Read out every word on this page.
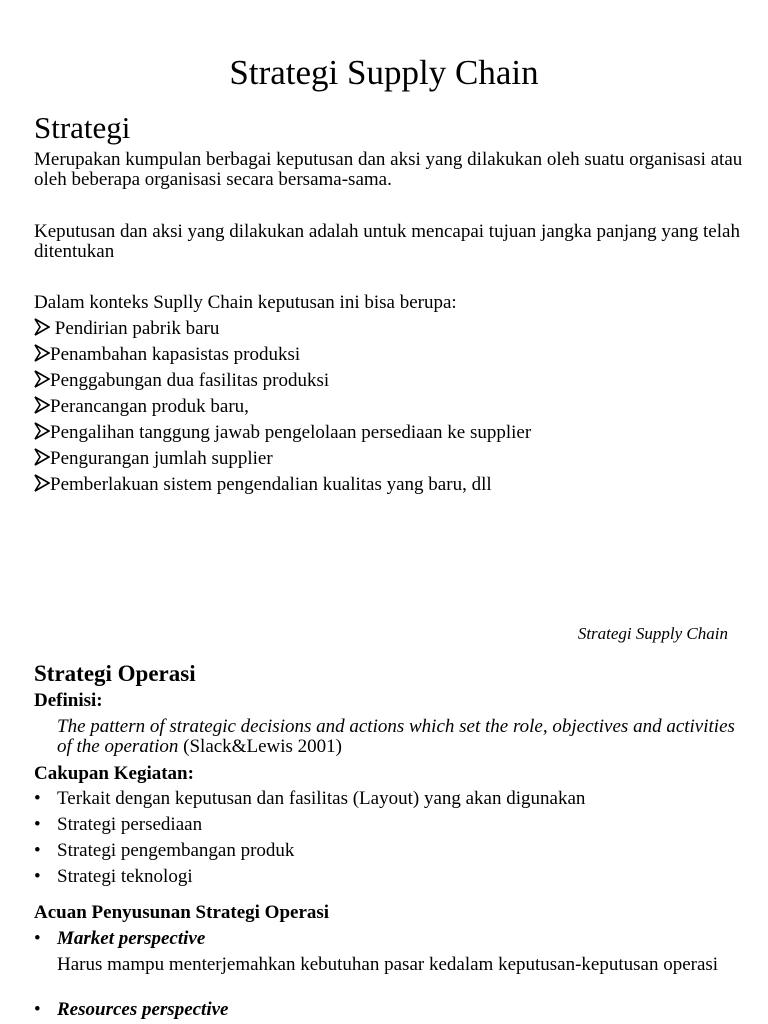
Strategi Supply Chain
Strategi
Merupakan kumpulan berbagai keputusan dan aksi yang dilakukan oleh suatu organisasi atau oleh beberapa organisasi secara bersama-sama.
Keputusan dan aksi yang dilakukan adalah untuk mencapai tujuan jangka panjang yang telah ditentukan
Dalam konteks Suplly Chain keputusan ini bisa berupa:
Pendirian pabrik baru
Penambahan kapasistas produksi
Penggabungan dua fasilitas produksi
Perancangan produk baru,
Pengalihan tanggung jawab pengelolaan persediaan ke supplier
Pengurangan jumlah supplier
Pemberlakuan sistem pengendalian kualitas yang baru, dll
Strategi Supply Chain
Strategi Operasi
Definisi:
The pattern of strategic decisions and actions which set the role, objectives and activities of the operation (Slack&Lewis 2001)
Cakupan Kegiatan:
• Terkait dengan keputusan dan fasilitas (Layout) yang akan digunakan
• Strategi persediaan
• Strategi pengembangan produk
• Strategi teknologi
Acuan Penyusunan Strategi Operasi
• Market perspective
Harus mampu menterjemahkan kebutuhan pasar kedalam keputusan-keputusan operasi
• Resources perspective
